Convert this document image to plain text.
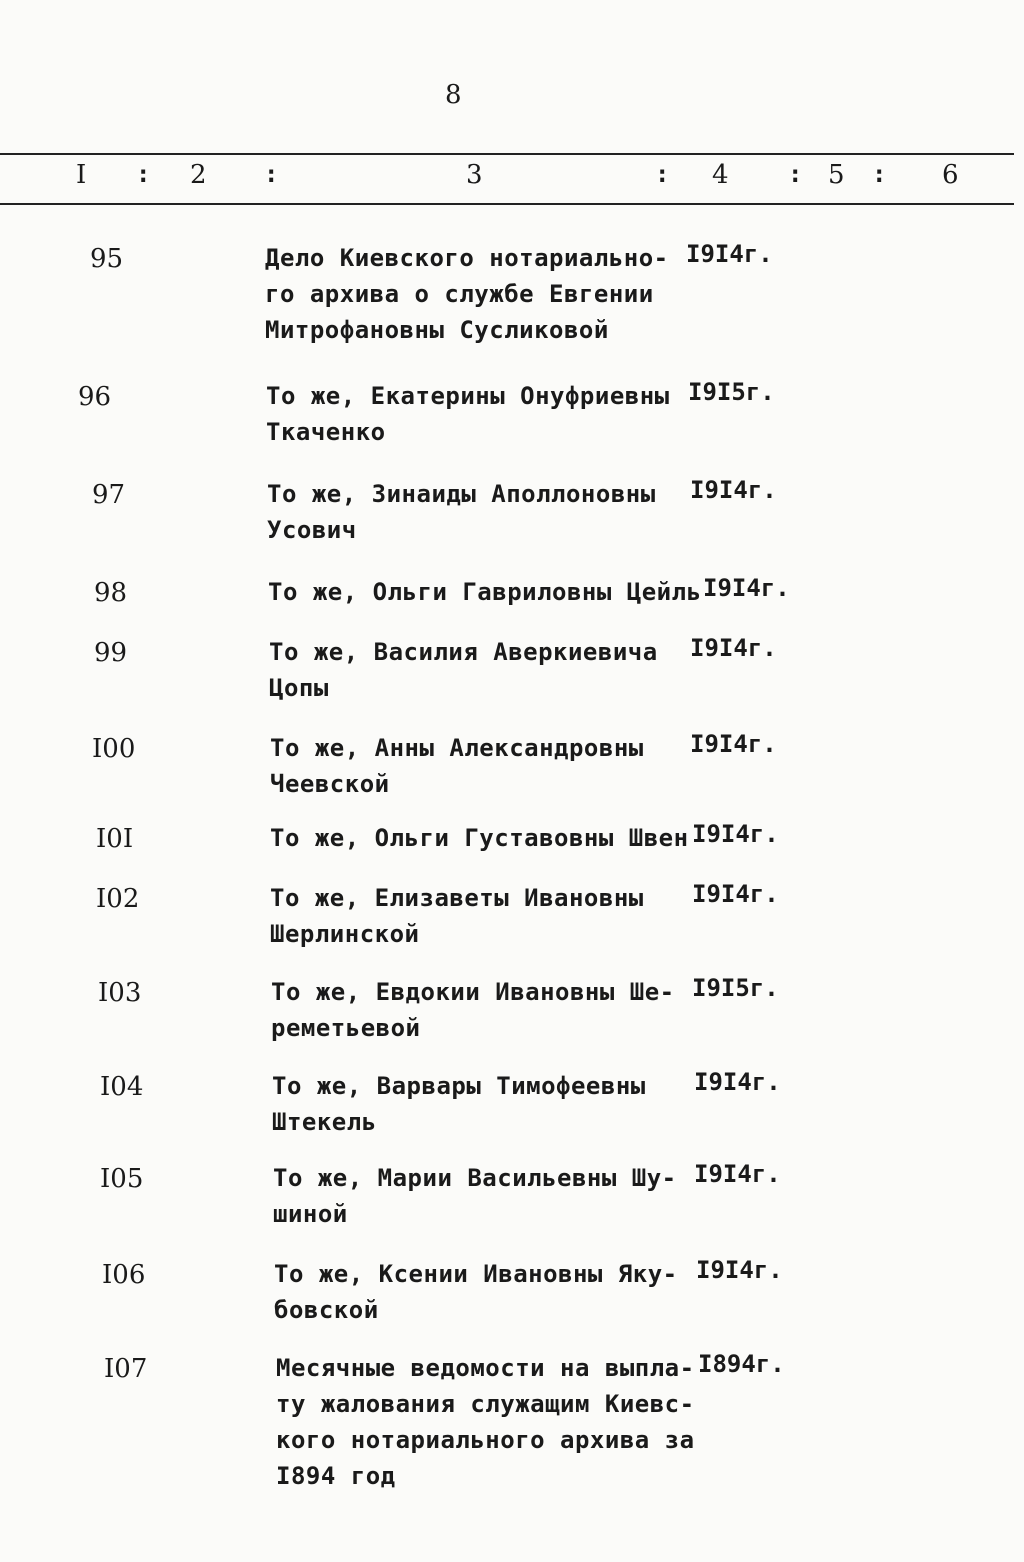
8
I : 2 :	3	: 4 : 5 : 6
95	Дело Киевского нотариально-
го архива о службе Евгении
Митрофановны Сусликовой
I9I4г.
96	То же, Екатерины Онуфриевны
Ткаченко
I9I5г.
97	То же, Зинаиды Аполлоновны
Усович
I9I4г.
98	То же, Ольги Гавриловны Цейль I9I4г.
99	То же, Василия Аверкиевича
Цопы
I9I4г.
I00	То же, Анны Александровны
Чеевской
I9I4г.
I0I	То же, Ольги Густавовны Швен I9I4г.
I02	То же, Елизаветы Ивановны
Шерлинской
I9I4г.
I03	То же, Евдокии Ивановны Ше-
реметьевой
I9I5г.
I04	То же, Варвары Тимофеевны
Штекель
I9I4г.
I05	То же, Марии Васильевны Шу-
шиной
I9I4г.
I06	То же, Ксении Ивановны Яку-
бовской
I9I4г.
I07	Месячные ведомости на выпла-
ту жалования служащим Киевс-
кого нотариального архива за
I894 год
I894г.
